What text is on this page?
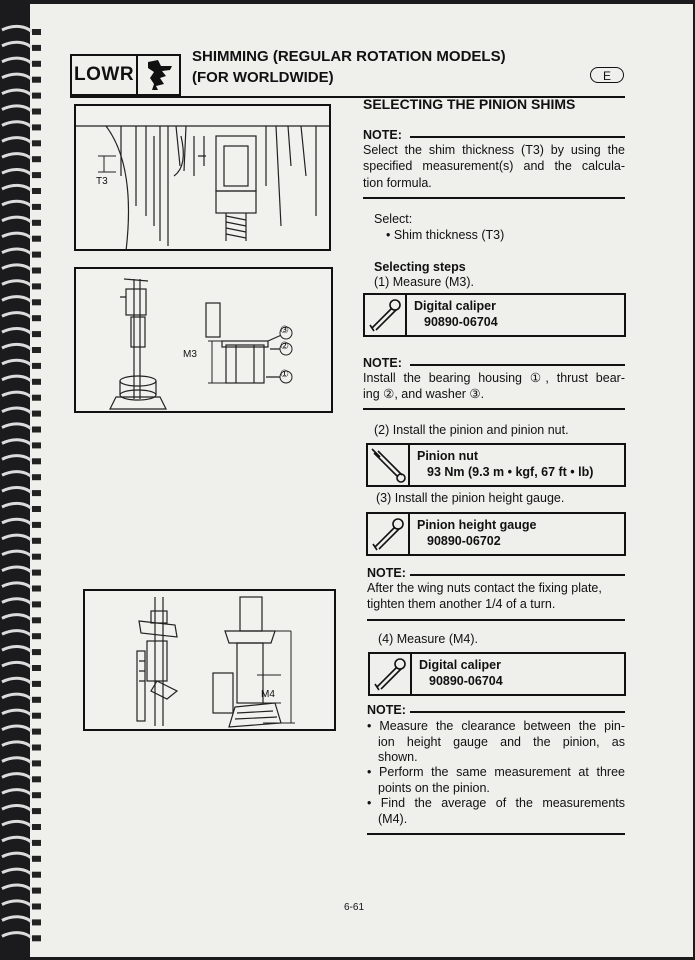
LOWR
SHIMMING (REGULAR ROTATION MODELS)
(FOR WORLDWIDE)	E
T3
M3
③
②
①
M4
SELECTING THE PINION SHIMS
NOTE:
Select the shim thickness (T3) by using the
specified measurement(s) and the calcula-
tion formula.
Select:
• Shim thickness (T3)
Selecting steps
(1) Measure (M3).
Digital caliper
90890-06704
NOTE:
Install the bearing housing ①, thrust bear-
ing ②, and washer ③.
(2) Install the pinion and pinion nut.
Pinion nut
93 Nm (9.3 m • kgf, 67 ft • lb)
(3) Install the pinion height gauge.
Pinion height gauge
90890-06702
NOTE:
After the wing nuts contact the fixing plate,
tighten them another 1/4 of a turn.
(4) Measure (M4).
Digital caliper
90890-06704
NOTE:
• Measure the clearance between the pin-
ion height gauge and the pinion, as
shown.
• Perform the same measurement at three
points on the pinion.
• Find the average of the measurements
(M4).
6-61
